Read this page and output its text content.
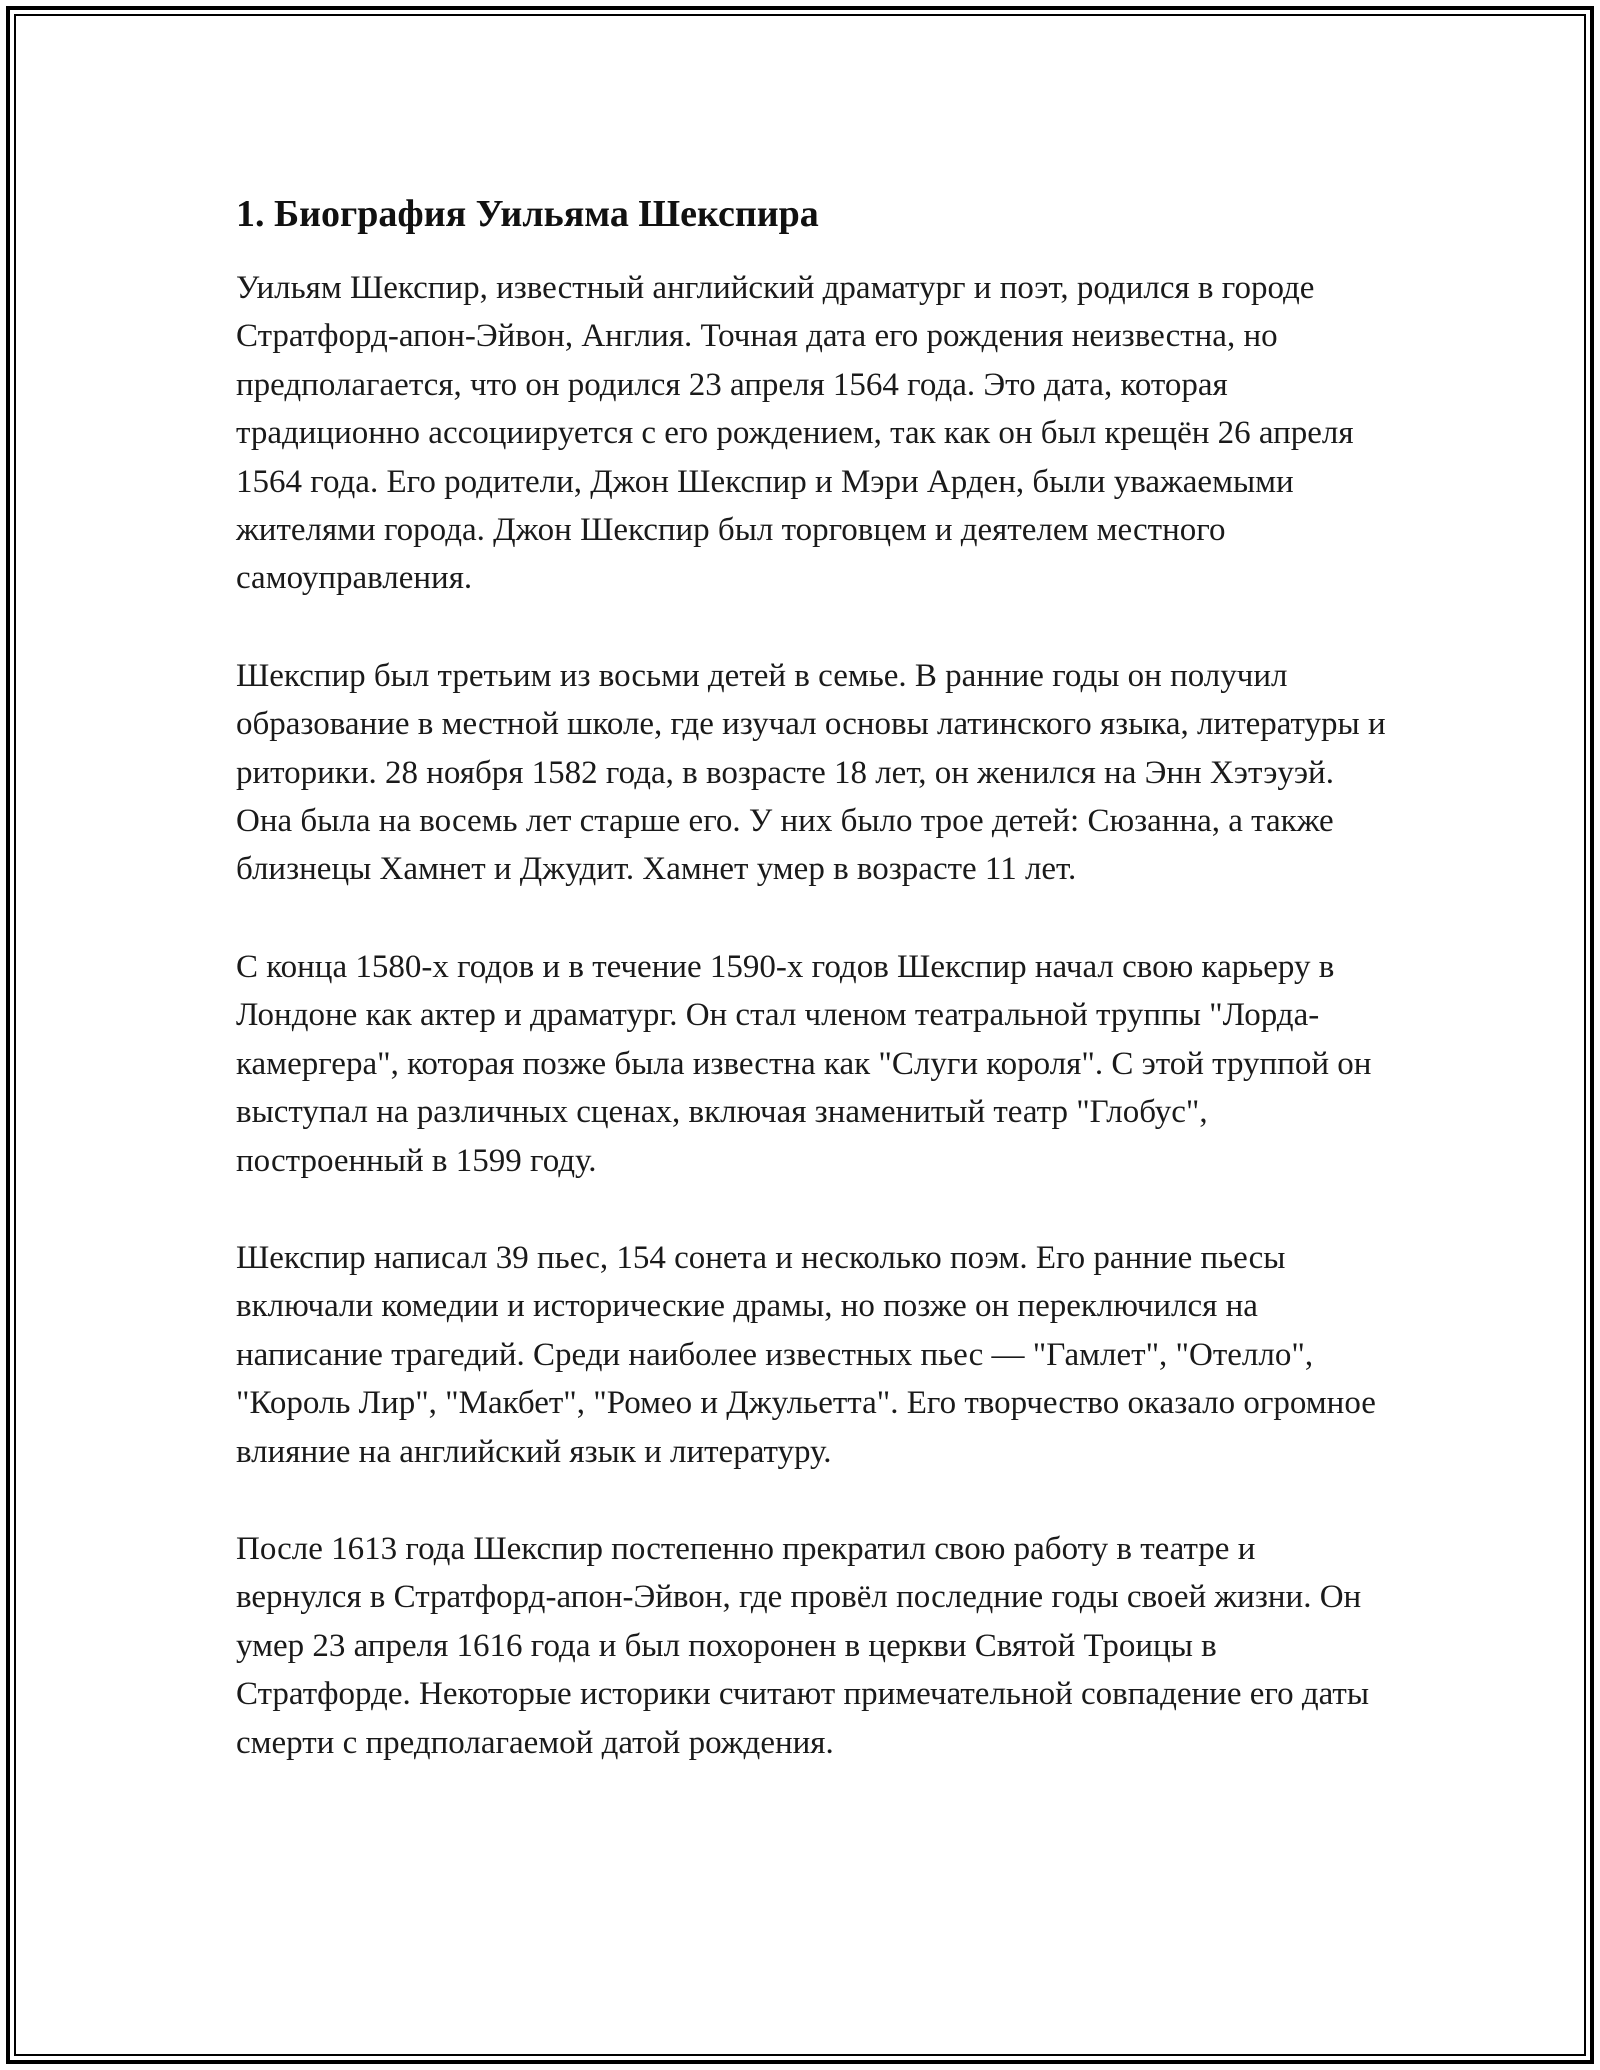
1. Биография Уильяма Шекспира

Уильям Шекспир, известный английский драматург и поэт, родился в городе Стратфорд-апон-Эйвон, Англия. Точная дата его рождения неизвестна, но предполагается, что он родился 23 апреля 1564 года. Это дата, которая традиционно ассоциируется с его рождением, так как он был крещён 26 апреля 1564 года. Его родители, Джон Шекспир и Мэри Арден, были уважаемыми жителями города. Джон Шекспир был торговцем и деятелем местного самоуправления.

Шекспир был третьим из восьми детей в семье. В ранние годы он получил образование в местной школе, где изучал основы латинского языка, литературы и риторики. 28 ноября 1582 года, в возрасте 18 лет, он женился на Энн Хэтэуэй. Она была на восемь лет старше его. У них было трое детей: Сюзанна, а также близнецы Хамнет и Джудит. Хамнет умер в возрасте 11 лет.

С конца 1580-х годов и в течение 1590-х годов Шекспир начал свою карьеру в Лондоне как актер и драматург. Он стал членом театральной труппы "Лорда-камергера", которая позже была известна как "Слуги короля". С этой труппой он выступал на различных сценах, включая знаменитый театр "Глобус", построенный в 1599 году.

Шекспир написал 39 пьес, 154 сонета и несколько поэм. Его ранние пьесы включали комедии и исторические драмы, но позже он переключился на написание трагедий. Среди наиболее известных пьес — "Гамлет", "Отелло", "Король Лир", "Макбет", "Ромео и Джульетта". Его творчество оказало огромное влияние на английский язык и литературу.

После 1613 года Шекспир постепенно прекратил свою работу в театре и вернулся в Стратфорд-апон-Эйвон, где провёл последние годы своей жизни. Он умер 23 апреля 1616 года и был похоронен в церкви Святой Троицы в Стратфорде. Некоторые историки считают примечательной совпадение его даты смерти с предполагаемой датой рождения.
